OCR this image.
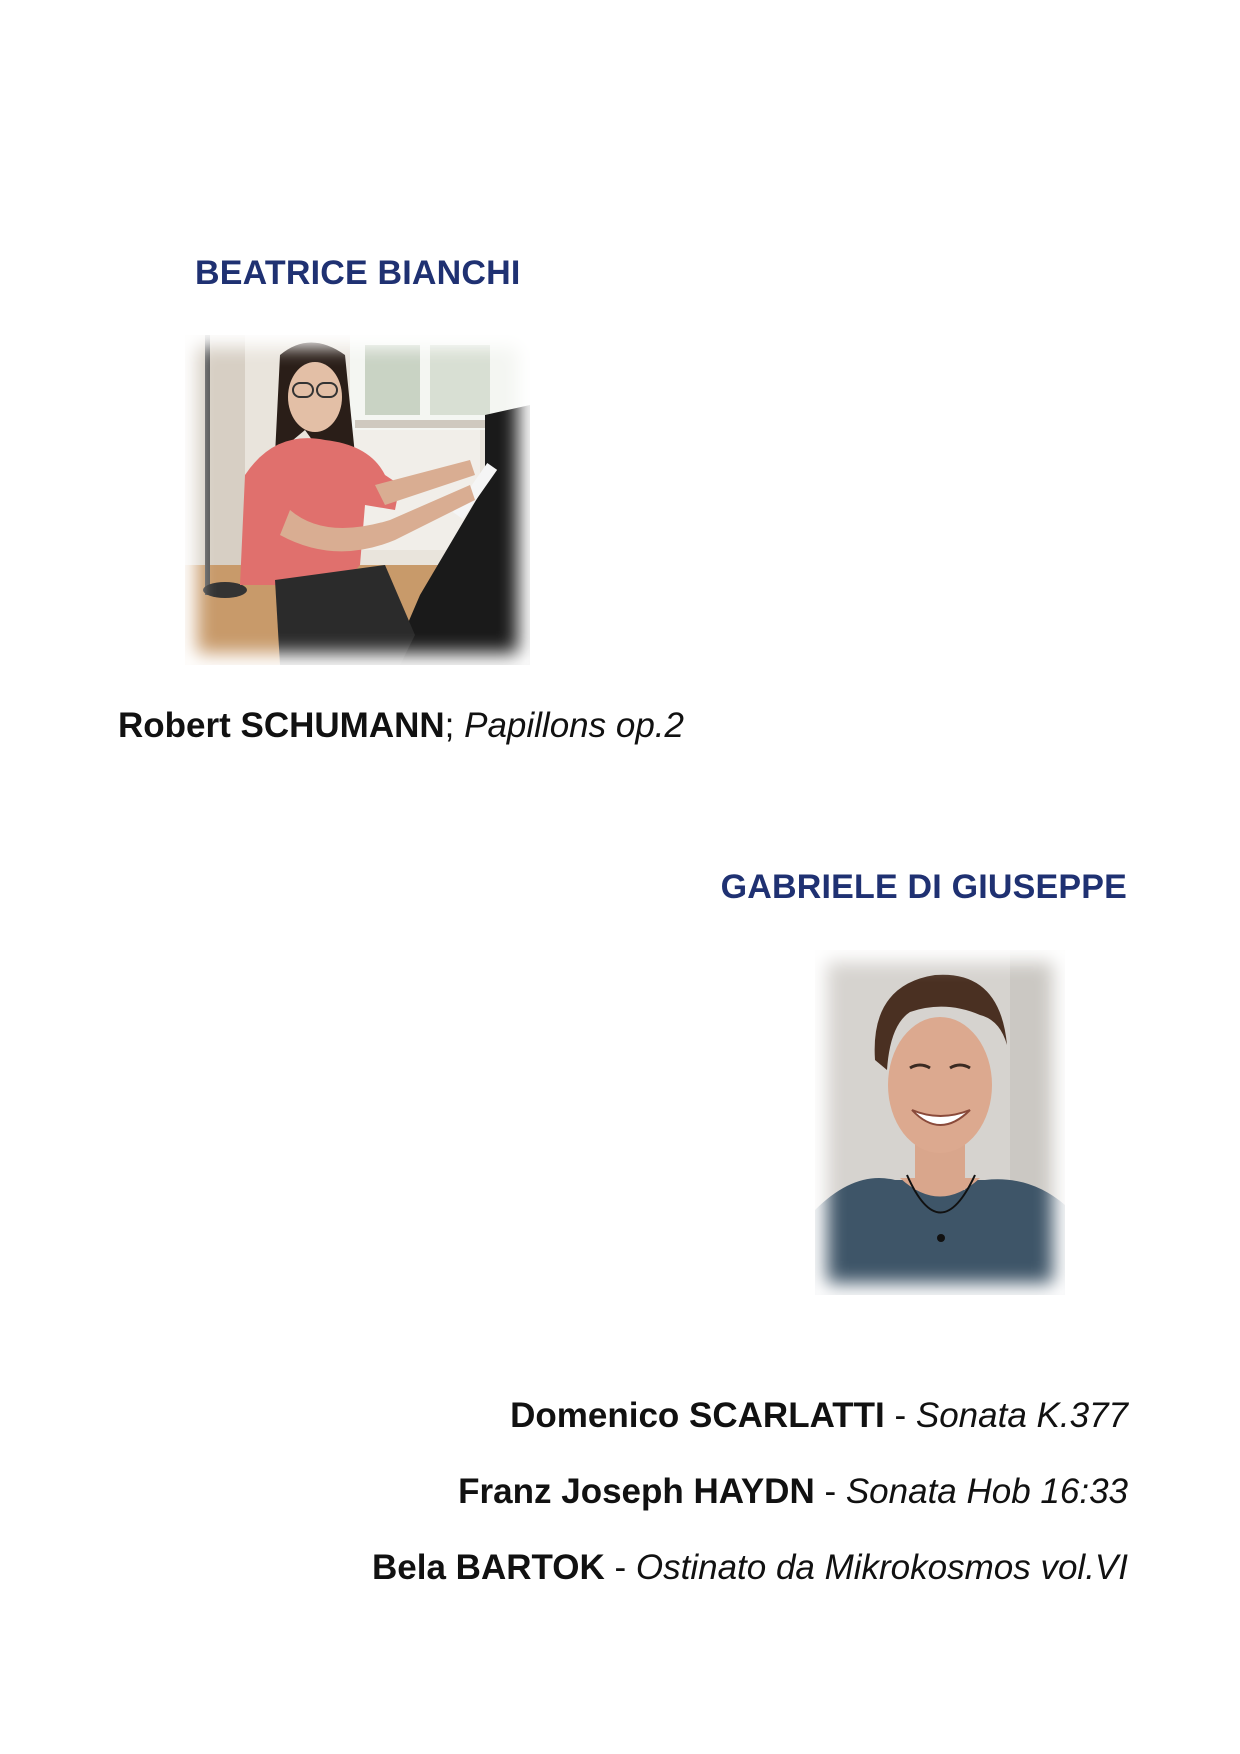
BEATRICE BIANCHI

Robert SCHUMANN; Papillons op.2

GABRIELE DI GIUSEPPE

Domenico SCARLATTI - Sonata K.377

Franz Joseph HAYDN - Sonata Hob 16:33

Bela BARTOK - Ostinato da Mikrokosmos vol.VI
